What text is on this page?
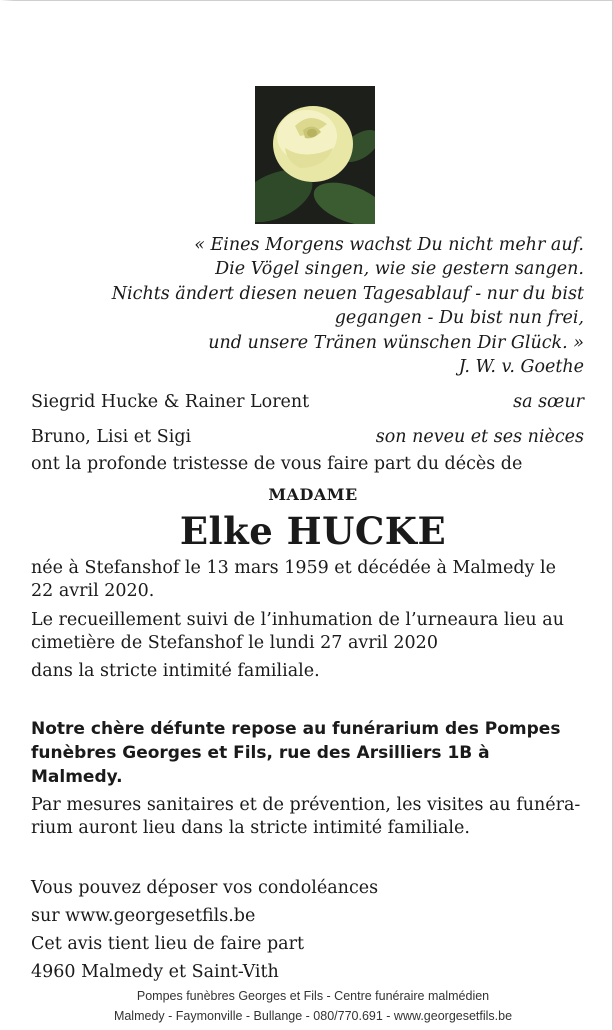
« Eines Morgens wachst Du nicht mehr auf.
Die Vögel singen, wie sie gestern sangen.
Nichts ändert diesen neuen Tagesablauf - nur du bist
gegangen - Du bist nun frei,
und unsere Tränen wünschen Dir Glück. »
J. W. v. Goethe
Siegrid Hucke & Rainer Lorent	sa sœur
Bruno, Lisi et Sigi	son neveu et ses nièces
ont la profonde tristesse de vous faire part du décès de
MADAME
Elke HUCKE
née à Stefanshof le 13 mars 1959 et décédée à Malmedy le
22 avril 2020.
Le recueillement suivi de l’inhumation de l’urneaura lieu au
cimetière de Stefanshof le lundi 27 avril 2020
dans la stricte intimité familiale.
Notre chère défunte repose au funérarium des Pompes
funèbres Georges et Fils, rue des Arsilliers 1B à
Malmedy.
Par mesures sanitaires et de prévention, les visites au funéra-
rium auront lieu dans la stricte intimité familiale.
Vous pouvez déposer vos condoléances
sur www.georgesetfils.be
Cet avis tient lieu de faire part
4960 Malmedy et Saint-Vith
Pompes funèbres Georges et Fils - Centre funéraire malmédien
Malmedy - Faymonville - Bullange - 080/770.691 - www.georgesetfils.be
